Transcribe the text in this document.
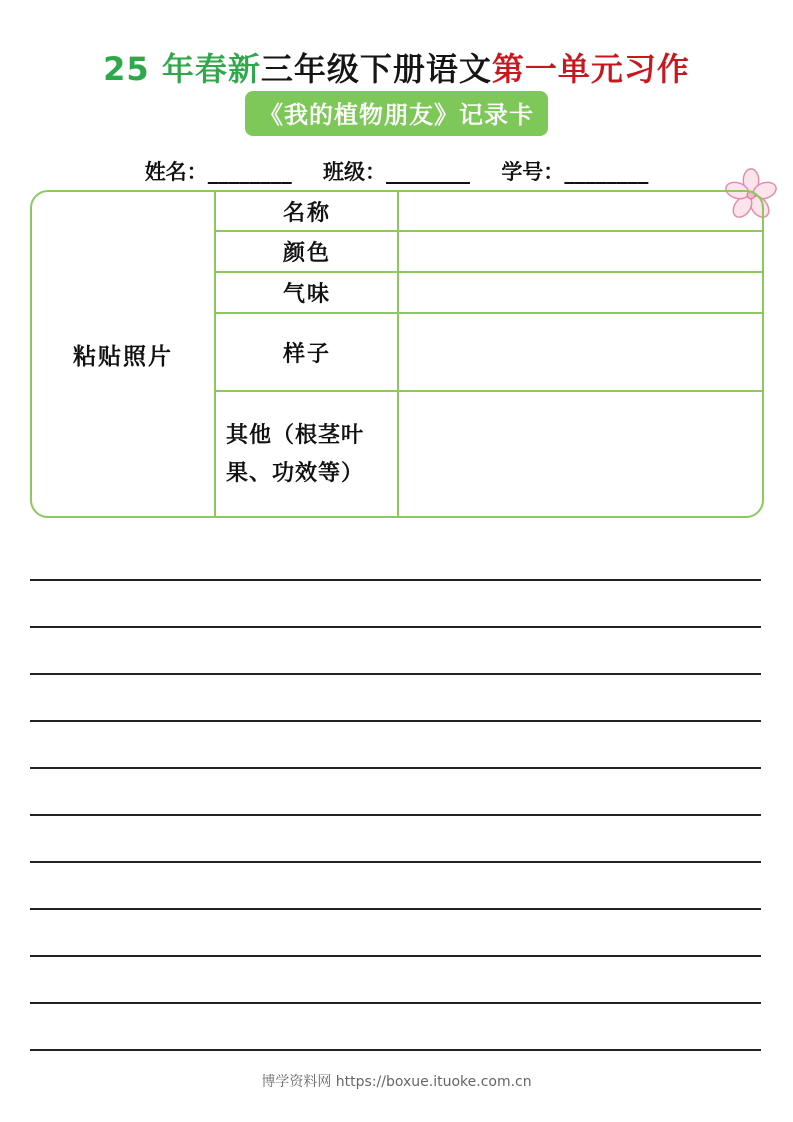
25 年春新三年级下册语文第一单元习作
《我的植物朋友》记录卡
姓名：________ 班级：________ 学号：________
粘贴照片
名称
颜色
气味
样子
其他（根茎叶果、功效等）
博学资料网 https://boxue.ituoke.com.cn
